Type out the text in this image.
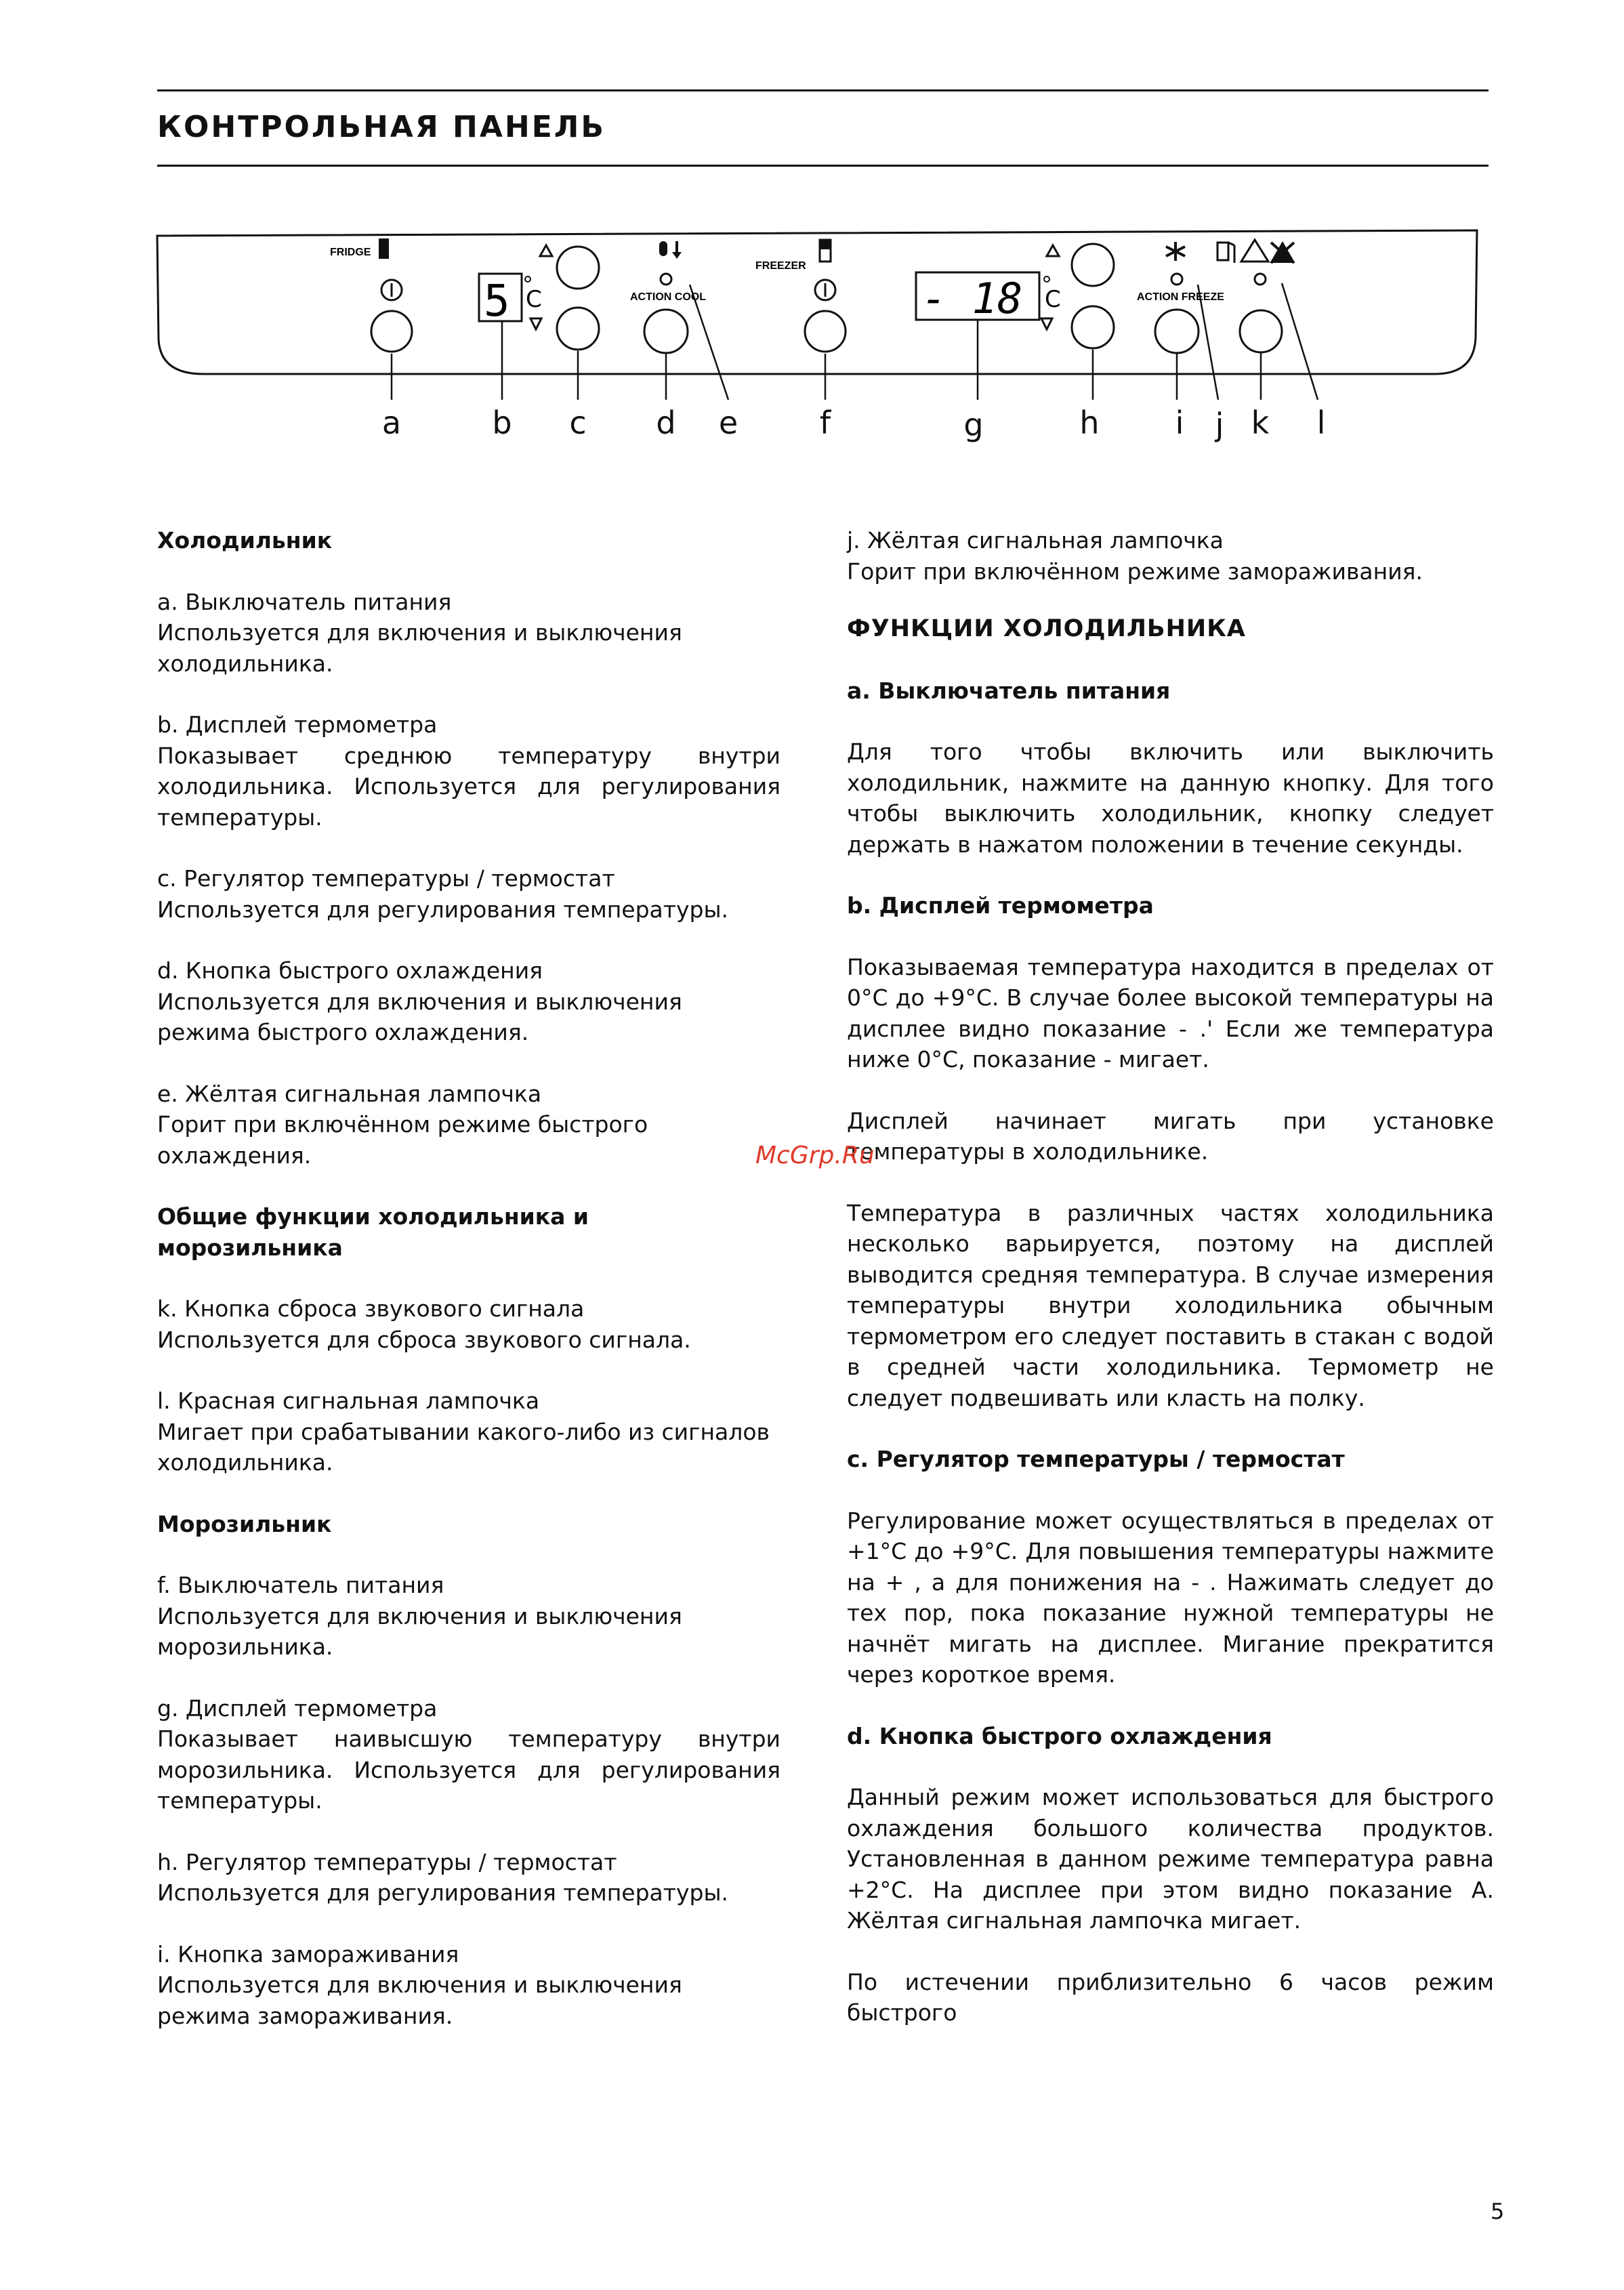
КОНТРОЛЬНАЯ ПАНЕЛЬ
FRIDGE
5 C	ACTION COOL
FREEZER
- 18 C	ACTION FREEZE
a	b c d e	f	g	h i j k l

Холодильник

a. Выключатель питания

Используется для включения и выключения холодильника.

b. Дисплей термометра

Показывает среднюю температуру внутри холодильника. Используется для регулирования температуры.

c. Регулятор температуры / термостат

Используется для регулирования температуры.

d. Кнопка быстрого охлаждения

Используется для включения и выключения режима быстрого охлаждения.

e. Жёлтая сигнальная лампочка

Горит при включённом режиме быстрого охлаждения.

Общие функции холодильника и морозильника

k. Кнопка сброса звукового сигнала

Используется для сброса звукового сигнала.

l. Красная сигнальная лампочка

Мигает при срабатывании какого-либо из сигналов холодильника.

Морозильник

f. Выключатель питания

Используется для включения и выключения морозильника.

g. Дисплей термометра

Показывает наивысшую температуру внутри морозильника. Используется для регулирования температуры.

h. Регулятор температуры / термостат

Используется для регулирования температуры.

i. Кнопка замораживания

Используется для включения и выключения режима замораживания.

j. Жёлтая сигнальная лампочка

Горит при включённом режиме замораживания.

ФУНКЦИИ ХОЛОДИЛЬНИКА

a. Выключатель питания

Для того чтобы включить или выключить холодильник, нажмите на данную кнопку. Для того чтобы выключить холодильник, кнопку следует держать в нажатом положении в течение секунды.

b. Дисплей термометра

Показываемая температура находится в пределах от 0°С до +9°С. В случае более высокой температуры на дисплее видно показание - .' Если же температура ниже 0°С, показание - мигает.

Дисплей начинает мигать при установке температуры в холодильнике.

Температура в различных частях холодильника несколько варьируется, поэтому на дисплей выводится средняя температура. В случае измерения температуры внутри холодильника обычным термометром его следует поставить в стакан с водой в средней части холодильника. Термометр не следует подвешивать или класть на полку.

c. Регулятор температуры / термостат

Регулирование может осуществляться в пределах от +1°С до +9°С. Для повышения температуры нажмите на + , а для понижения на - . Нажимать следует до тех пор, пока показание нужной температуры не начнёт мигать на дисплее. Мигание прекратится через короткое время.

d. Кнопка быстрого охлаждения

Данный режим может использоваться для быстрого охлаждения большого количества продуктов. Установленная в данном режиме температура равна +2°С. На дисплее при этом видно показание А. Жёлтая сигнальная лампочка мигает.

По истечении приблизительно 6 часов режим быстрого

McGrp.Ru
5
